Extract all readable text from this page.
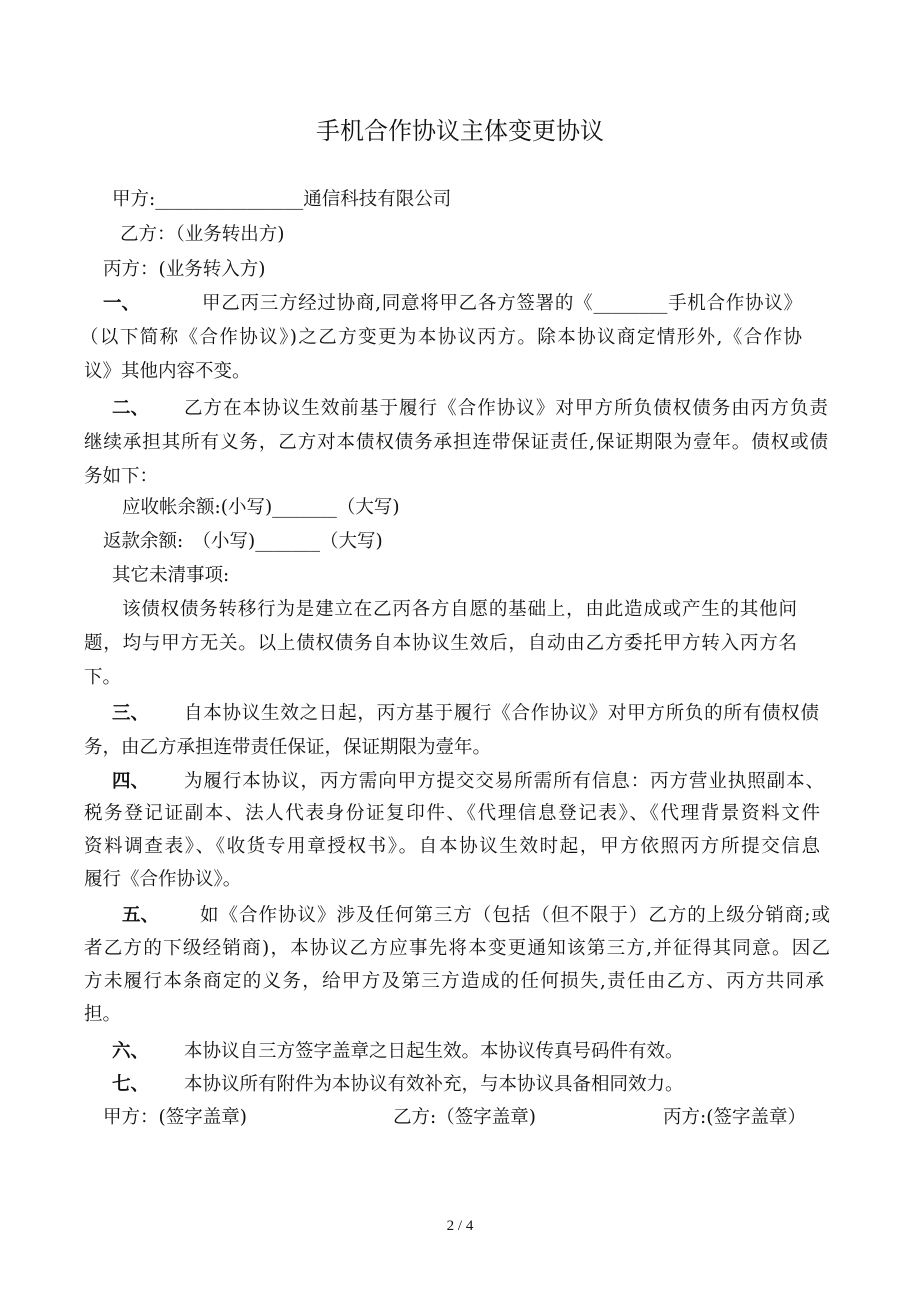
手机合作协议主体变更协议
甲方:________________通信科技有限公司
乙方：（业务转出方)
丙方：(业务转入方)
一、	甲乙丙三方经过协商,同意将甲乙各方签署的《________手机合作协议》
（以下简称《合作协议》)之乙方变更为本协议丙方。除本协议商定情形外,《合作协
议》其他内容不变。
二、 乙方在本协议生效前基于履行《合作协议》对甲方所负债权债务由丙方负责
继续承担其所有义务，乙方对本债权债务承担连带保证责任,保证期限为壹年。债权或债
务如下：
应收帐余额:(小写)_______（大写)
返款余额:　（小写)_______（大写)
其它未清事项:
该债权债务转移行为是建立在乙丙各方自愿的基础上，由此造成或产生的其他问
题，均与甲方无关。以上债权债务自本协议生效后，自动由乙方委托甲方转入丙方名
下。
三、 自本协议生效之日起，丙方基于履行《合作协议》对甲方所负的所有债权债
务，由乙方承担连带责任保证，保证期限为壹年。
四、 为履行本协议，丙方需向甲方提交交易所需所有信息：丙方营业执照副本、
税务登记证副本、法人代表身份证复印件、《代理信息登记表》、《代理背景资料文件
资料调查表》、《收货专用章授权书》。自本协议生效时起，甲方依照丙方所提交信息
履行《合作协议》。
五、 如《合作协议》涉及任何第三方（包括（但不限于）乙方的上级分销商;或
者乙方的下级经销商)，本协议乙方应事先将本变更通知该第三方,并征得其同意。因乙
方未履行本条商定的义务，给甲方及第三方造成的任何损失,责任由乙方、丙方共同承
担。
六、 本协议自三方签字盖章之日起生效。本协议传真号码件有效。
七、 本协议所有附件为本协议有效补充，与本协议具备相同效力。
甲方：(签字盖章)	乙方:（签字盖章)	丙方:(签字盖章）
2 / 4
